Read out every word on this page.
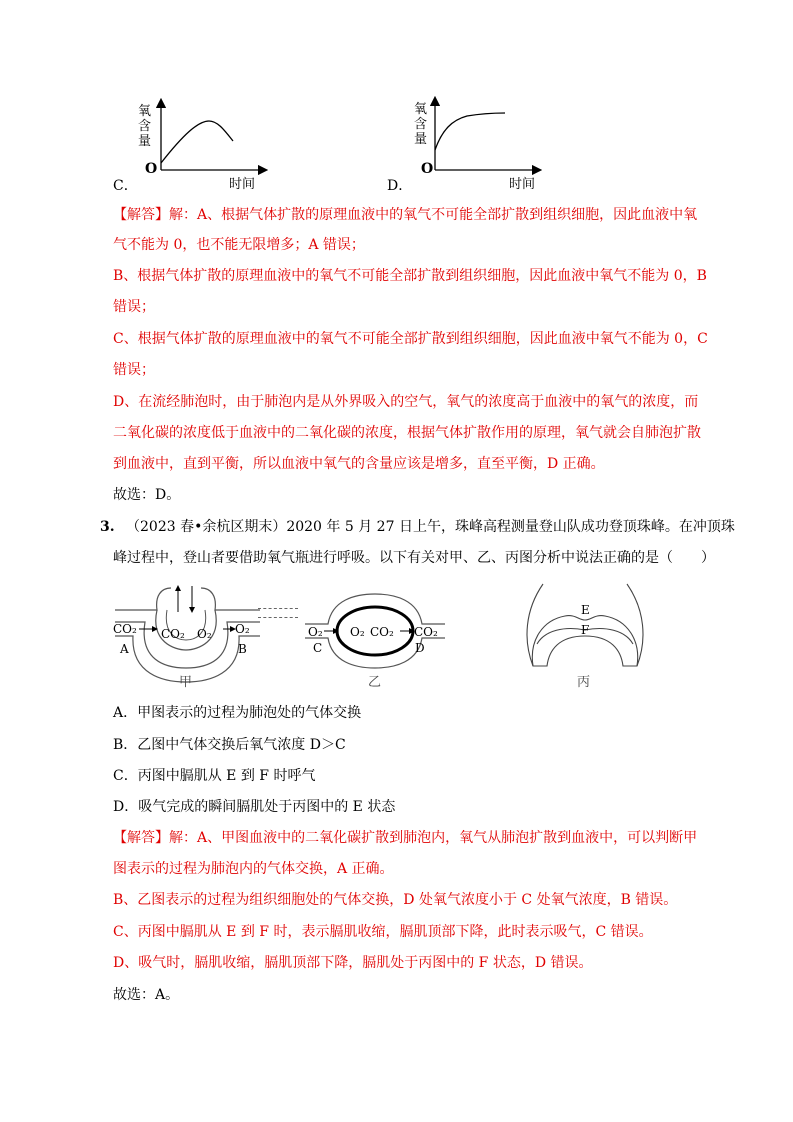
氧
含
量
O
时间
C．
氧
含
量
O
时间
D．
【解答】解：A、根据气体扩散的原理血液中的氧气不可能全部扩散到组织细胞，因此血液中氧
气不能为 0，也不能无限增多；A 错误；
B、根据气体扩散的原理血液中的氧气不可能全部扩散到组织细胞，因此血液中氧气不能为 0，B
错误；
C、根据气体扩散的原理血液中的氧气不可能全部扩散到组织细胞，因此血液中氧气不能为 0，C
错误；
D、在流经肺泡时，由于肺泡内是从外界吸入的空气，氧气的浓度高于血液中的氧气的浓度，而
二氧化碳的浓度低于血液中的二氧化碳的浓度，根据气体扩散作用的原理，氧气就会自肺泡扩散
到血液中，直到平衡，所以血液中氧气的含量应该是增多，直至平衡，D 正确。
故选：D。
3. （2023 春•余杭区期末）2020 年 5 月 27 日上午，珠峰高程测量登山队成功登顶珠峰。在冲顶珠
峰过程中，登山者要借助氧气瓶进行呼吸。以下有关对甲、乙、丙图分析中说法正确的是（　　）
CO₂ CO₂ O₂ O₂
A	B
甲
O₂ O₂ CO₂ CO₂
C	D
乙
E
F
丙
A．甲图表示的过程为肺泡处的气体交换
B．乙图中气体交换后氧气浓度 D＞C
C．丙图中膈肌从 E 到 F 时呼气
D．吸气完成的瞬间膈肌处于丙图中的 E 状态
【解答】解：A、甲图血液中的二氧化碳扩散到肺泡内，氧气从肺泡扩散到血液中，可以判断甲
图表示的过程为肺泡内的气体交换，A 正确。
B、乙图表示的过程为组织细胞处的气体交换，D 处氧气浓度小于 C 处氧气浓度，B 错误。
C、丙图中膈肌从 E 到 F 时，表示膈肌收缩，膈肌顶部下降，此时表示吸气，C 错误。
D、吸气时，膈肌收缩，膈肌顶部下降，膈肌处于丙图中的 F 状态，D 错误。
故选：A。
